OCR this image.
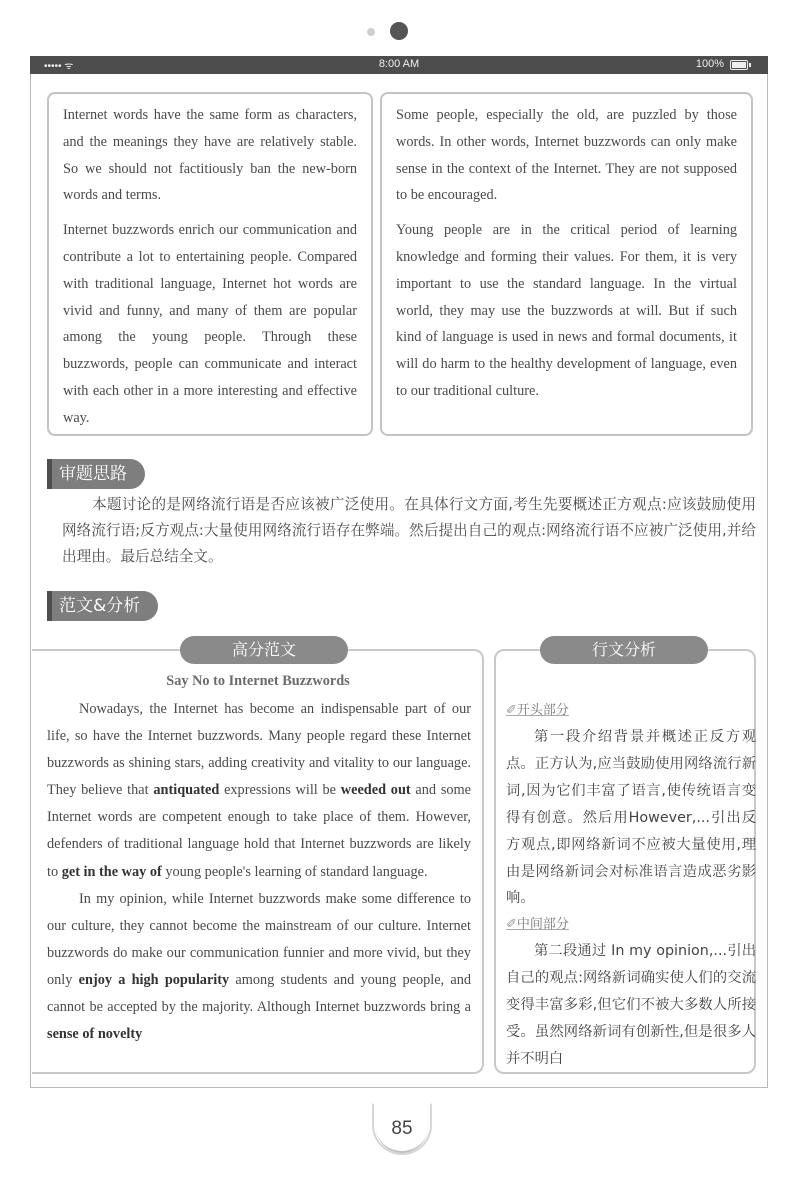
••••• ᯤ	8:00 AM	100%

Internet words have the same form as characters, and the meanings they have are relatively stable. So we should not factitiously ban the new-born words and terms.

Internet buzzwords enrich our communication and contribute a lot to entertaining people. Compared with traditional language, Internet hot words are vivid and funny, and many of them are popular among the young people. Through these buzzwords, people can communicate and interact with each other in a more interesting and effective way.

Some people, especially the old, are puzzled by those words. In other words, Internet buzzwords can only make sense in the context of the Internet. They are not supposed to be encouraged.

Young people are in the critical period of learning knowledge and forming their values. For them, it is very important to use the standard language. In the virtual world, they may use the buzzwords at will. But if such kind of language is used in news and formal documents, it will do harm to the healthy development of language, even to our traditional culture.

审题思路
本题讨论的是网络流行语是否应该被广泛使用。在具体行文方面,考生先要概述正方观点:应该鼓励使用网络流行语;反方观点:大量使用网络流行语存在弊端。然后提出自己的观点:网络流行语不应被广泛使用,并给出理由。最后总结全文。
范文&分析
高分范文	行文分析
Say No to Internet Buzzwords

Nowadays, the Internet has become an indispensable part of our life, so have the Internet buzzwords. Many people regard these Internet buzzwords as shining stars, adding creativity and vitality to our language. They believe that antiquated expressions will be weeded out and some Internet words are competent enough to take place of them. However, defenders of traditional language hold that Internet buzzwords are likely to get in the way of young people's learning of standard language.

In my opinion, while Internet buzzwords make some difference to our culture, they cannot become the mainstream of our culture. Internet buzzwords do make our communication funnier and more vivid, but they only enjoy a high popularity among students and young people, and cannot be accepted by the majority. Although Internet buzzwords bring a sense of novelty

✐开头部分

第一段介绍背景并概述正反方观点。正方认为,应当鼓励使用网络流行新词,因为它们丰富了语言,使传统语言变得有创意。然后用However,...引出反方观点,即网络新词不应被大量使用,理由是网络新词会对标准语言造成恶劣影响。

✐中间部分

第二段通过 In my opinion,...引出自己的观点:网络新词确实使人们的交流变得丰富多彩,但它们不被大多数人所接受。虽然网络新词有创新性,但是很多人并不明白

85
